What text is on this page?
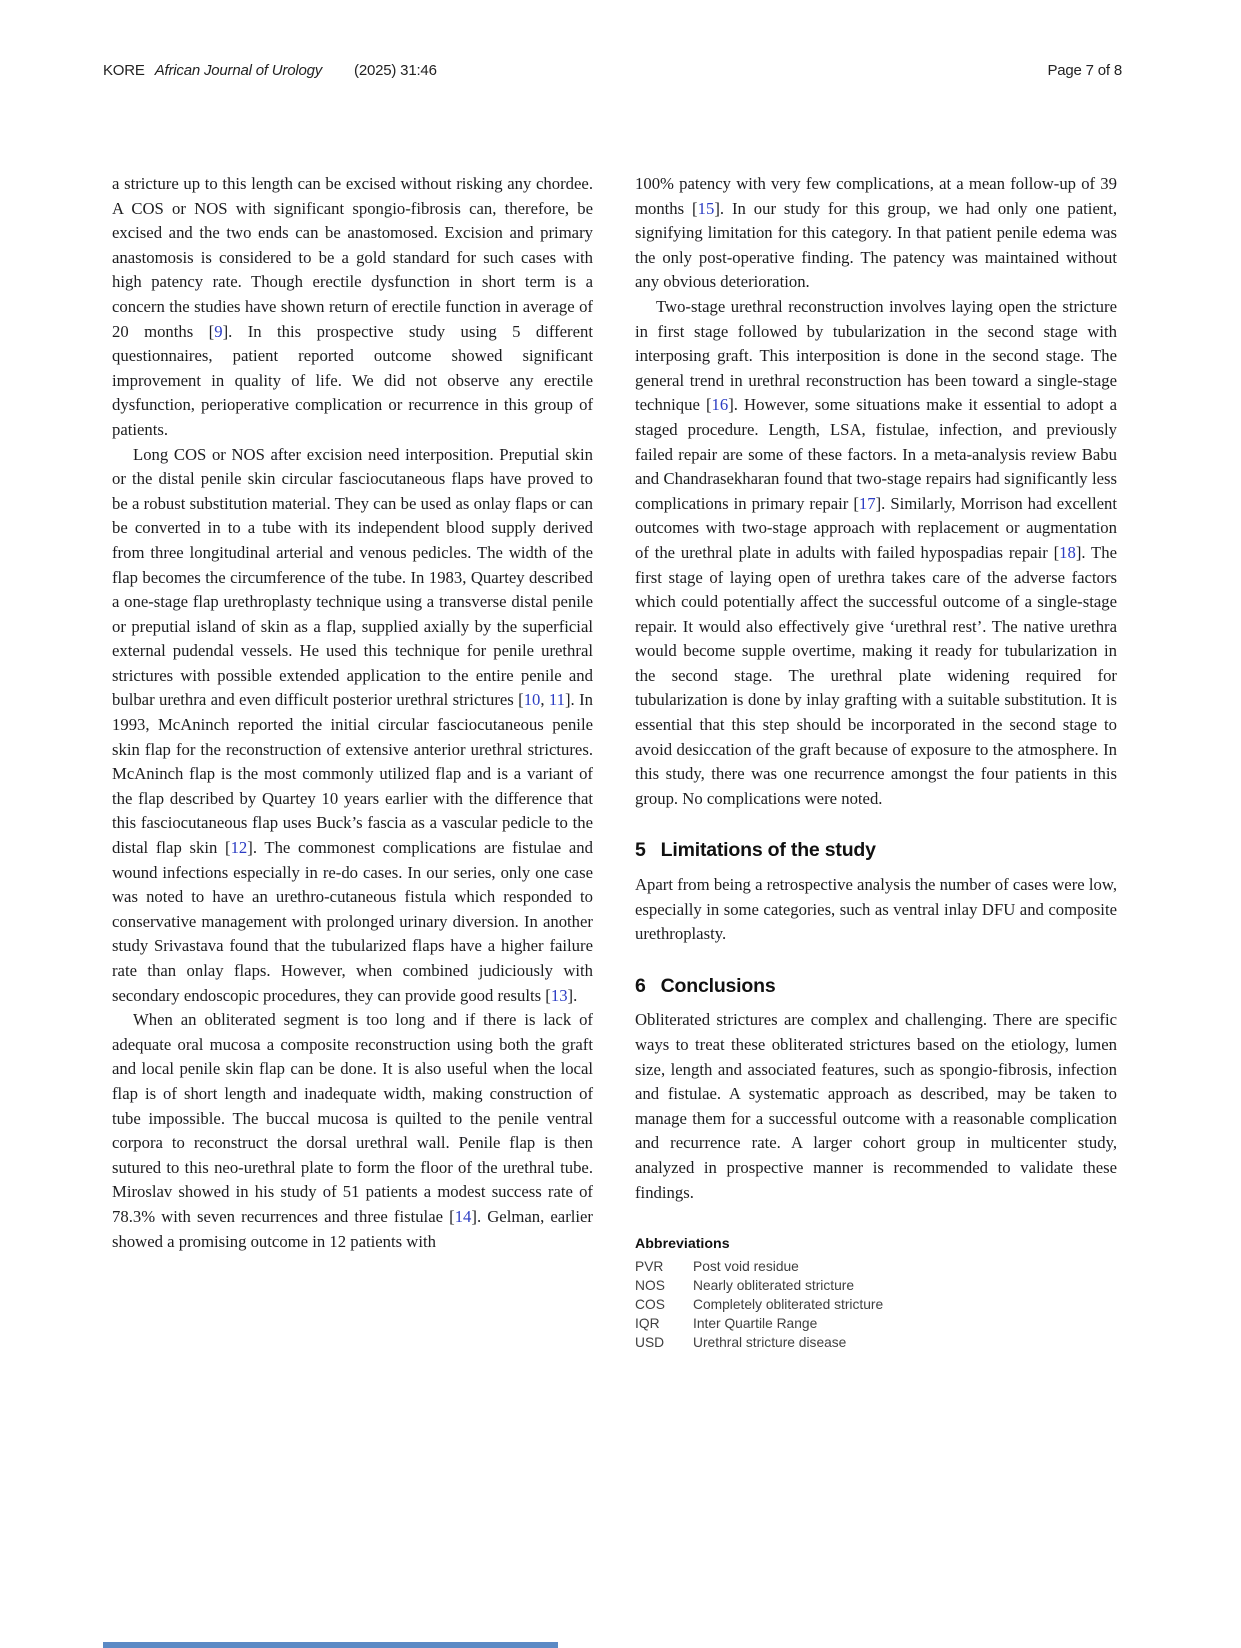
KORE African Journal of Urology (2025) 31:46	Page 7 of 8

a stricture up to this length can be excised without risking any chordee. A COS or NOS with significant spongio-fibrosis can, therefore, be excised and the two ends can be anastomosed. Excision and primary anastomosis is considered to be a gold standard for such cases with high patency rate. Though erectile dysfunction in short term is a concern the studies have shown return of erectile function in average of 20 months [9]. In this prospective study using 5 different questionnaires, patient reported outcome showed significant improvement in quality of life. We did not observe any erectile dysfunction, perioperative complication or recurrence in this group of patients.

Long COS or NOS after excision need interposition. Preputial skin or the distal penile skin circular fasciocutaneous flaps have proved to be a robust substitution material. They can be used as onlay flaps or can be converted in to a tube with its independent blood supply derived from three longitudinal arterial and venous pedicles. The width of the flap becomes the circumference of the tube. In 1983, Quartey described a one-stage flap urethroplasty technique using a transverse distal penile or preputial island of skin as a flap, supplied axially by the superficial external pudendal vessels. He used this technique for penile urethral strictures with possible extended application to the entire penile and bulbar urethra and even difficult posterior urethral strictures [10, 11]. In 1993, McAninch reported the initial circular fasciocutaneous penile skin flap for the reconstruction of extensive anterior urethral strictures. McAninch flap is the most commonly utilized flap and is a variant of the flap described by Quartey 10 years earlier with the difference that this fasciocutaneous flap uses Buck’s fascia as a vascular pedicle to the distal flap skin [12]. The commonest complications are fistulae and wound infections especially in re-do cases. In our series, only one case was noted to have an urethro-cutaneous fistula which responded to conservative management with prolonged urinary diversion. In another study Srivastava found that the tubularized flaps have a higher failure rate than onlay flaps. However, when combined judiciously with secondary endoscopic procedures, they can provide good results [13].

When an obliterated segment is too long and if there is lack of adequate oral mucosa a composite reconstruction using both the graft and local penile skin flap can be done. It is also useful when the local flap is of short length and inadequate width, making construction of tube impossible. The buccal mucosa is quilted to the penile ventral corpora to reconstruct the dorsal urethral wall. Penile flap is then sutured to this neo-urethral plate to form the floor of the urethral tube. Miroslav showed in his study of 51 patients a modest success rate of 78.3% with seven recurrences and three fistulae [14]. Gelman, earlier showed a promising outcome in 12 patients with

100% patency with very few complications, at a mean follow-up of 39 months [15]. In our study for this group, we had only one patient, signifying limitation for this category. In that patient penile edema was the only post-operative finding. The patency was maintained without any obvious deterioration.

Two-stage urethral reconstruction involves laying open the stricture in first stage followed by tubularization in the second stage with interposing graft. This interposition is done in the second stage. The general trend in urethral reconstruction has been toward a single-stage technique [16]. However, some situations make it essential to adopt a staged procedure. Length, LSA, fistulae, infection, and previously failed repair are some of these factors. In a meta-analysis review Babu and Chandrasekharan found that two-stage repairs had significantly less complications in primary repair [17]. Similarly, Morrison had excellent outcomes with two-stage approach with replacement or augmentation of the urethral plate in adults with failed hypospadias repair [18]. The first stage of laying open of urethra takes care of the adverse factors which could potentially affect the successful outcome of a single-stage repair. It would also effectively give ‘urethral rest’. The native urethra would become supple overtime, making it ready for tubularization in the second stage. The urethral plate widening required for tubularization is done by inlay grafting with a suitable substitution. It is essential that this step should be incorporated in the second stage to avoid desiccation of the graft because of exposure to the atmosphere. In this study, there was one recurrence amongst the four patients in this group. No complications were noted.

5 Limitations of the study

Apart from being a retrospective analysis the number of cases were low, especially in some categories, such as ventral inlay DFU and composite urethroplasty.

6 Conclusions

Obliterated strictures are complex and challenging. There are specific ways to treat these obliterated strictures based on the etiology, lumen size, length and associated features, such as spongio-fibrosis, infection and fistulae. A systematic approach as described, may be taken to manage them for a successful outcome with a reasonable complication and recurrence rate. A larger cohort group in multicenter study, analyzed in prospective manner is recommended to validate these findings.

Abbreviations
PVR	Post void residue
NOS	Nearly obliterated stricture
COS	Completely obliterated stricture
IQR	Inter Quartile Range
USD	Urethral stricture disease
